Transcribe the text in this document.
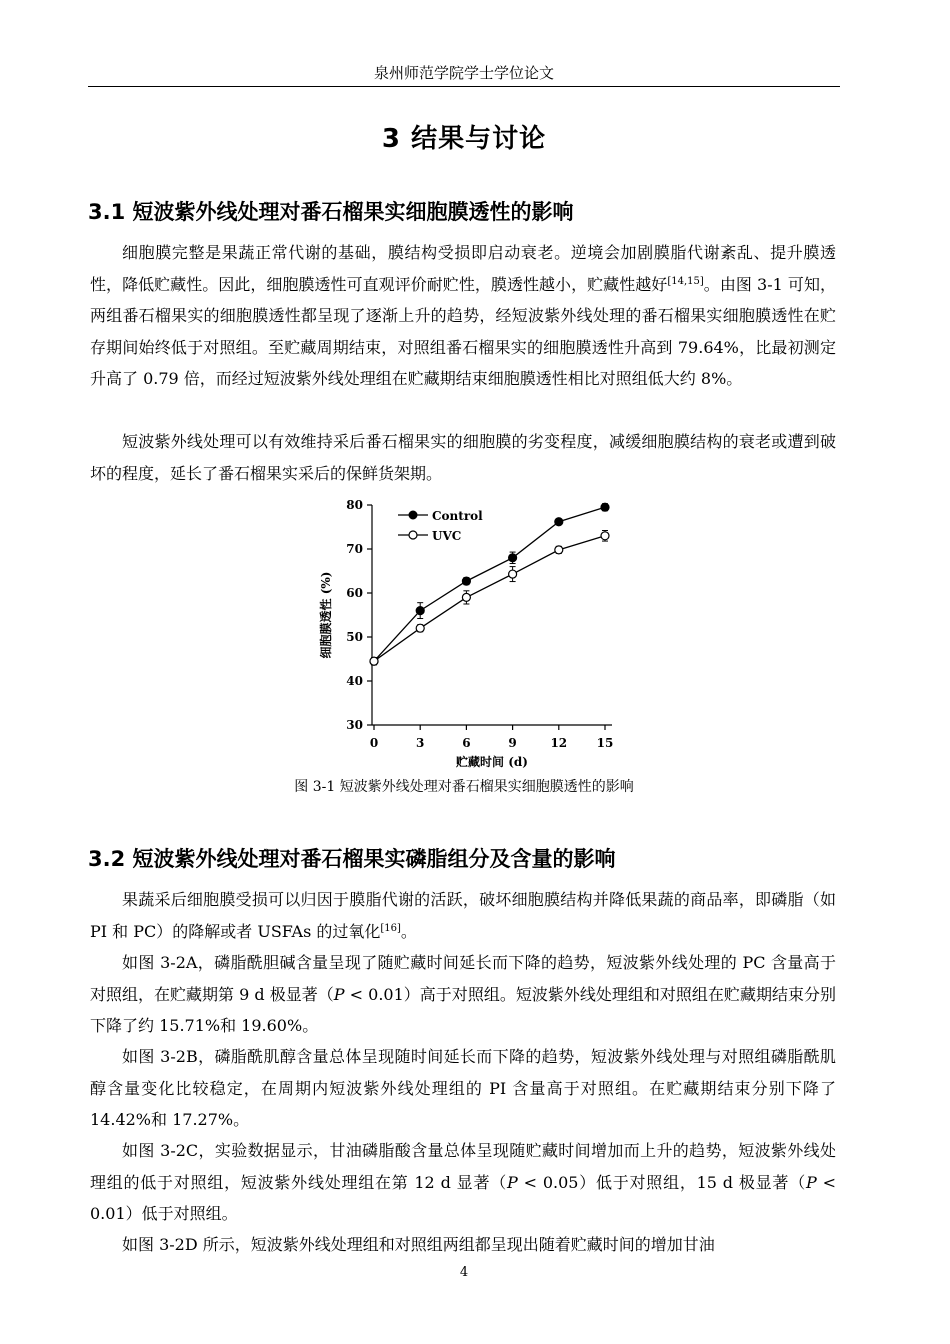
泉州师范学院学士学位论文
3 结果与讨论
3.1 短波紫外线处理对番石榴果实细胞膜透性的影响

细胞膜完整是果蔬正常代谢的基础，膜结构受损即启动衰老。逆境会加剧膜脂代谢紊乱、提升膜透性，降低贮藏性。因此，细胞膜透性可直观评价耐贮性，膜透性越小，贮藏性越好[14,15]。由图 3-1 可知，两组番石榴果实的细胞膜透性都呈现了逐渐上升的趋势，经短波紫外线处理的番石榴果实细胞膜透性在贮存期间始终低于对照组。至贮藏周期结束，对照组番石榴果实的细胞膜透性升高到 79.64%，比最初测定升高了 0.79 倍，而经过短波紫外线处理组在贮藏期结束细胞膜透性相比对照组低大约 8%。

短波紫外线处理可以有效维持采后番石榴果实的细胞膜的劣变程度，减缓细胞膜结构的衰老或遭到破坏的程度，延长了番石榴果实采后的保鲜货架期。

30
40
50
60
70
80
0	3	6	9	12 15
Control
UVC
贮藏时间 (d)
细胞膜透性 (%)
图 3-1 短波紫外线处理对番石榴果实细胞膜透性的影响
3.2 短波紫外线处理对番石榴果实磷脂组分及含量的影响

果蔬采后细胞膜受损可以归因于膜脂代谢的活跃，破坏细胞膜结构并降低果蔬的商品率，即磷脂（如 PI 和 PC）的降解或者 USFAs 的过氧化[16]。

如图 3-2A，磷脂酰胆碱含量呈现了随贮藏时间延长而下降的趋势，短波紫外线处理的 PC 含量高于对照组，在贮藏期第 9 d 极显著（P < 0.01）高于对照组。短波紫外线处理组和对照组在贮藏期结束分别下降了约 15.71%和 19.60%。

如图 3-2B，磷脂酰肌醇含量总体呈现随时间延长而下降的趋势，短波紫外线处理与对照组磷脂酰肌醇含量变化比较稳定，在周期内短波紫外线处理组的 PI 含量高于对照组。在贮藏期结束分别下降了 14.42%和 17.27%。

如图 3-2C，实验数据显示，甘油磷脂酸含量总体呈现随贮藏时间增加而上升的趋势，短波紫外线处理组的低于对照组，短波紫外线处理组在第 12 d 显著（P < 0.05）低于对照组，15 d 极显著（P < 0.01）低于对照组。

如图 3-2D 所示，短波紫外线处理组和对照组两组都呈现出随着贮藏时间的增加甘油

4
